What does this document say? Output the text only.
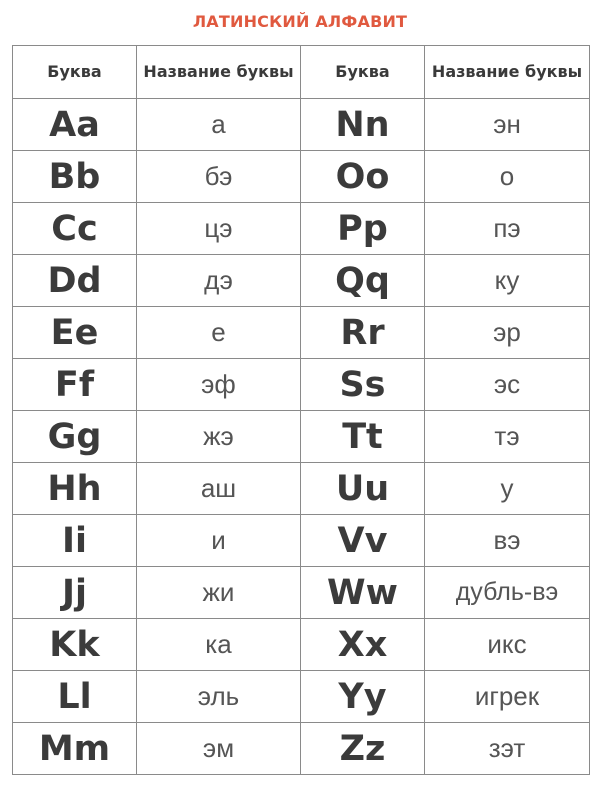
ЛАТИНСКИЙ АЛФАВИТ
Буква	Название буквы	Буква	Название буквы
Aa	а	Nn	эн
Bb	бэ	Oo	о
Cc	цэ	Pp	пэ
Dd	дэ	Qq	ку
Ee	е	Rr	эр
Ff	эф	Ss	эс
Gg	жэ	Tt	тэ
Hh	аш	Uu	у
Ii	и	Vv	вэ
Jj	жи	Ww	дубль-вэ
Kk	ка	Xx	икс
Ll	эль	Yy	игрек
Mm	эм	Zz	зэт
